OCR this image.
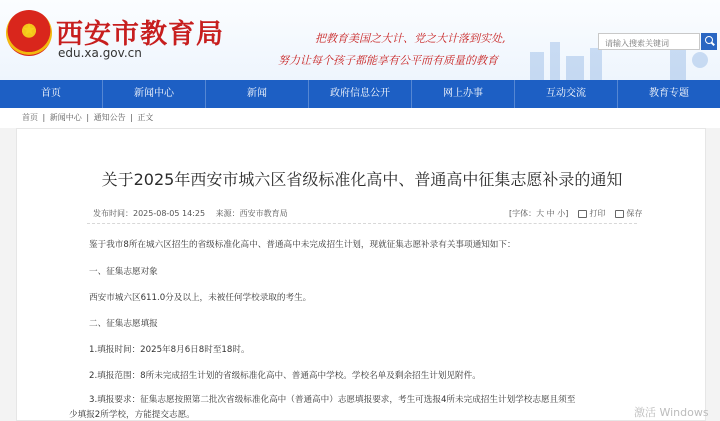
★
西安市教育局
edu.xa.gov.cn
把教育美国之大计、党之大计落到实处,
努力让每个孩子都能享有公平而有质量的教育
请输入搜索关键词
首页	新闻中心	新闻	政府信息公开	网上办事	互动交流	教育专题
首页 | 新闻中心 | 通知公告 | 正文
关于2025年西安市城六区省级标准化高中、普通高中征集志愿补录的通知
发布时间：2025-08-05 14:25 来源：西安市教育局	[字体：大 中 小]	打印	保存
鉴于我市8所在城六区招生的省级标准化高中、普通高中未完成招生计划，现就征集志愿补录有关事项通知如下：
一、征集志愿对象
西安市城六区611.0分及以上，未被任何学校录取的考生。
二、征集志愿填报
1.填报时间：2025年8月6日8时至18时。
2.填报范围：8所未完成招生计划的省级标准化高中、普通高中学校。学校名单及剩余招生计划见附件。
3.填报要求：征集志愿按照第二批次省级标准化高中（普通高中）志愿填报要求，考生可选报4所未完成招生计划学校志愿且须至
少填报2所学校，方能提交志愿。	激活 Windows
